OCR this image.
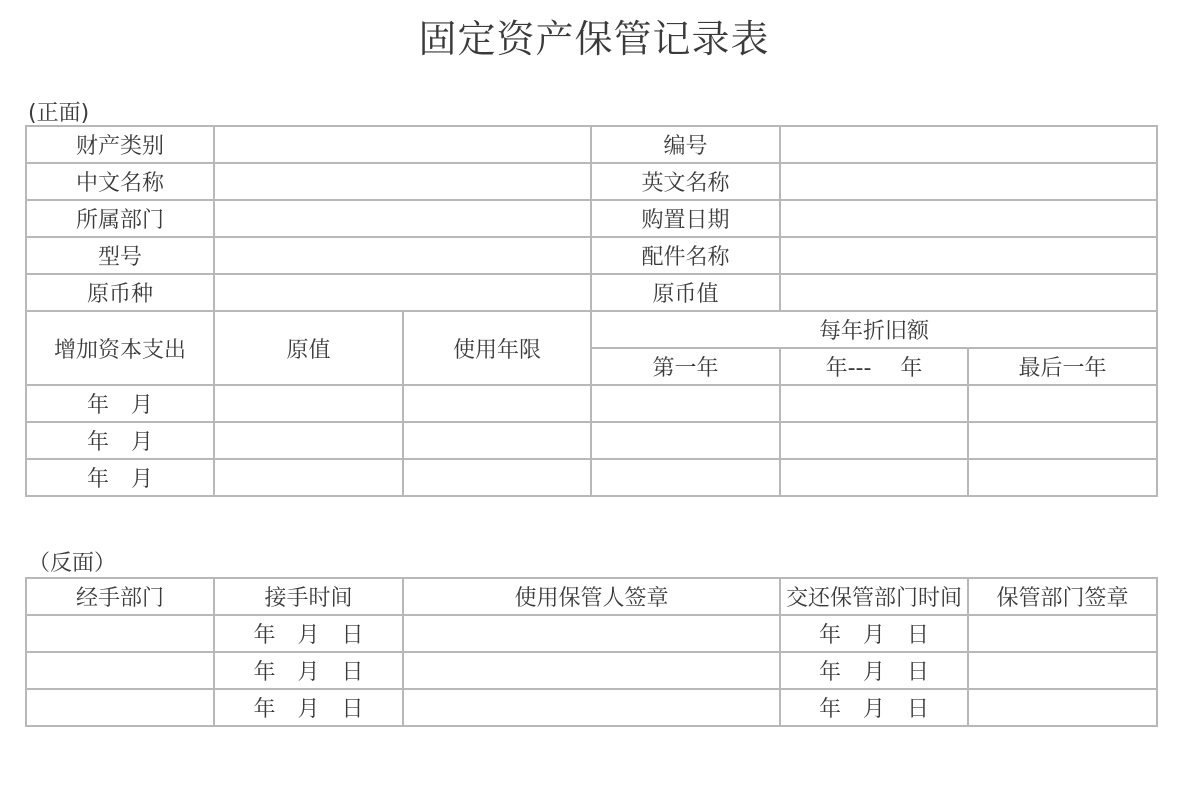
固定资产保管记录表
(正面)
财产类别			编号		
中文名称			英文名称		
所属部门			购置日期		
型号			配件名称		
原币种			原币值		
增加资本支出	原值	使用年限	每年折旧额		
			第一年	年---　 年	最后一年
年　月					
年　月					
年　月					
（反面）
经手部门	接手时间	使用保管人签章	交还保管部门时间	保管部门签章
	年　月　日		年　月　日	
	年　月　日		年　月　日	
	年　月　日		年　月　日	
